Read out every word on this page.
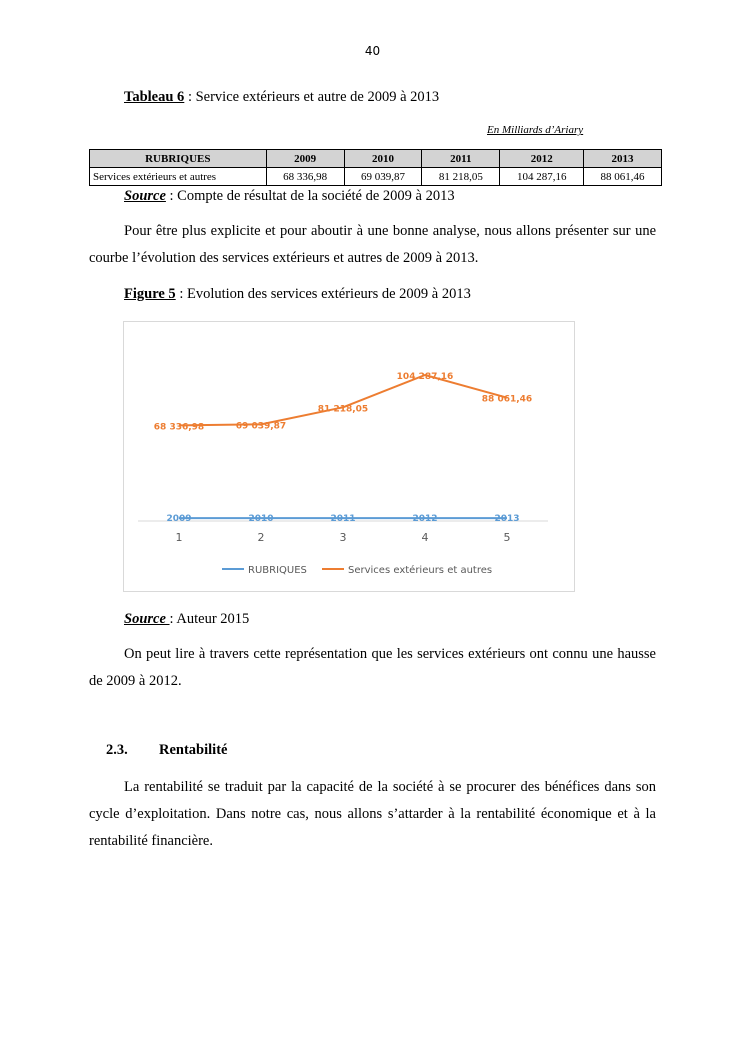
40
Tableau 6 : Service extérieurs et autre de 2009 à 2013
En Milliards d’Ariary
RUBRIQUES	2009	2010	2011	2012	2013
Services extérieurs et autres	68 336,98	69 039,87	81 218,05	104 287,16	88 061,46
Source : Compte de résultat de la société de 2009 à 2013
Pour être plus explicite et pour aboutir à une bonne analyse, nous allons présenter sur une courbe l’évolution des services extérieurs et autres de 2009 à 2013.
Figure 5 : Evolution des services extérieurs de 2009 à 2013
1	2	3	4	5
2009	2010	2011	2012	2013
68 336,98	69 039,87
81 218,05
104 287,16
88 061,46
RUBRIQUES	Services extérieurs et autres
Source : Auteur 2015
On peut lire à travers cette représentation que les services extérieurs ont connu une hausse de 2009 à 2012.
2.3. Rentabilité
La rentabilité se traduit par la capacité de la société à se procurer des bénéfices dans son cycle d’exploitation. Dans notre cas, nous allons s’attarder à la rentabilité économique et à la rentabilité financière.
